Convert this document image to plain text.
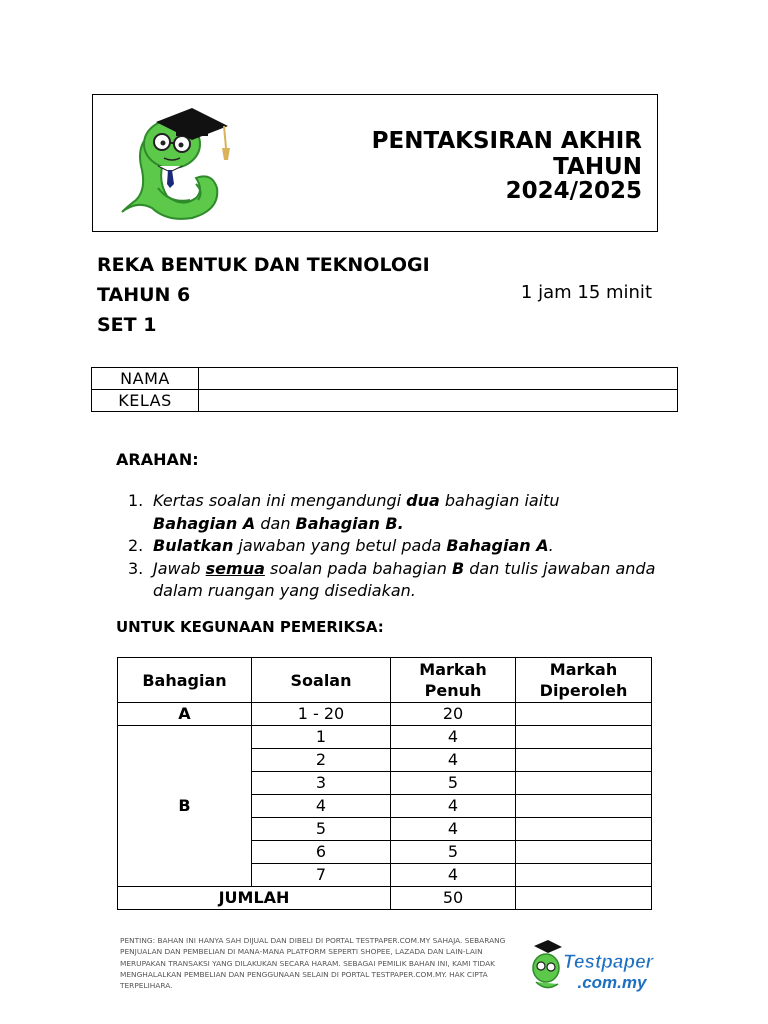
PENTAKSIRAN AKHIR TAHUN
2024/2025
REKA BENTUK DAN TEKNOLOGI
TAHUN 6
SET 1
1 jam 15 minit
NAMA	
KELAS	
ARAHAN:
1. Kertas soalan ini mengandungi dua bahagian iaitu
Bahagian A dan Bahagian B.
2. Bulatkan jawaban yang betul pada Bahagian A.
3. Jawab semua soalan pada bahagian B dan tulis jawaban anda dalam ruangan yang disediakan.
UNTUK KEGUNAAN PEMERIKSA:
Bahagian	Soalan	Markah Penuh	Markah Diperoleh
A	1 - 20	20	
B	1	4	
	2	4	
	3	5	
	4	4	
	5	4	
	6	5	
	7	4	
JUMLAH		50	
PENTING: BAHAN INI HANYA SAH DIJUAL DAN DIBELI DI PORTAL TESTPAPER.COM.MY SAHAJA. SEBARANG PENJUALAN DAN PEMBELIAN DI MANA-MANA PLATFORM SEPERTI SHOPEE, LAZADA DAN LAIN-LAIN MERUPAKAN TRANSAKSI YANG DILAKUKAN SECARA HARAM. SEBAGAI PEMILIK BAHAN INI, KAMI TIDAK MENGHALALKAN PEMBELIAN DAN PENGGUNAAN SELAIN DI PORTAL TESTPAPER.COM.MY. HAK CIPTA TERPELIHARA.
Testpaper
.com.my
